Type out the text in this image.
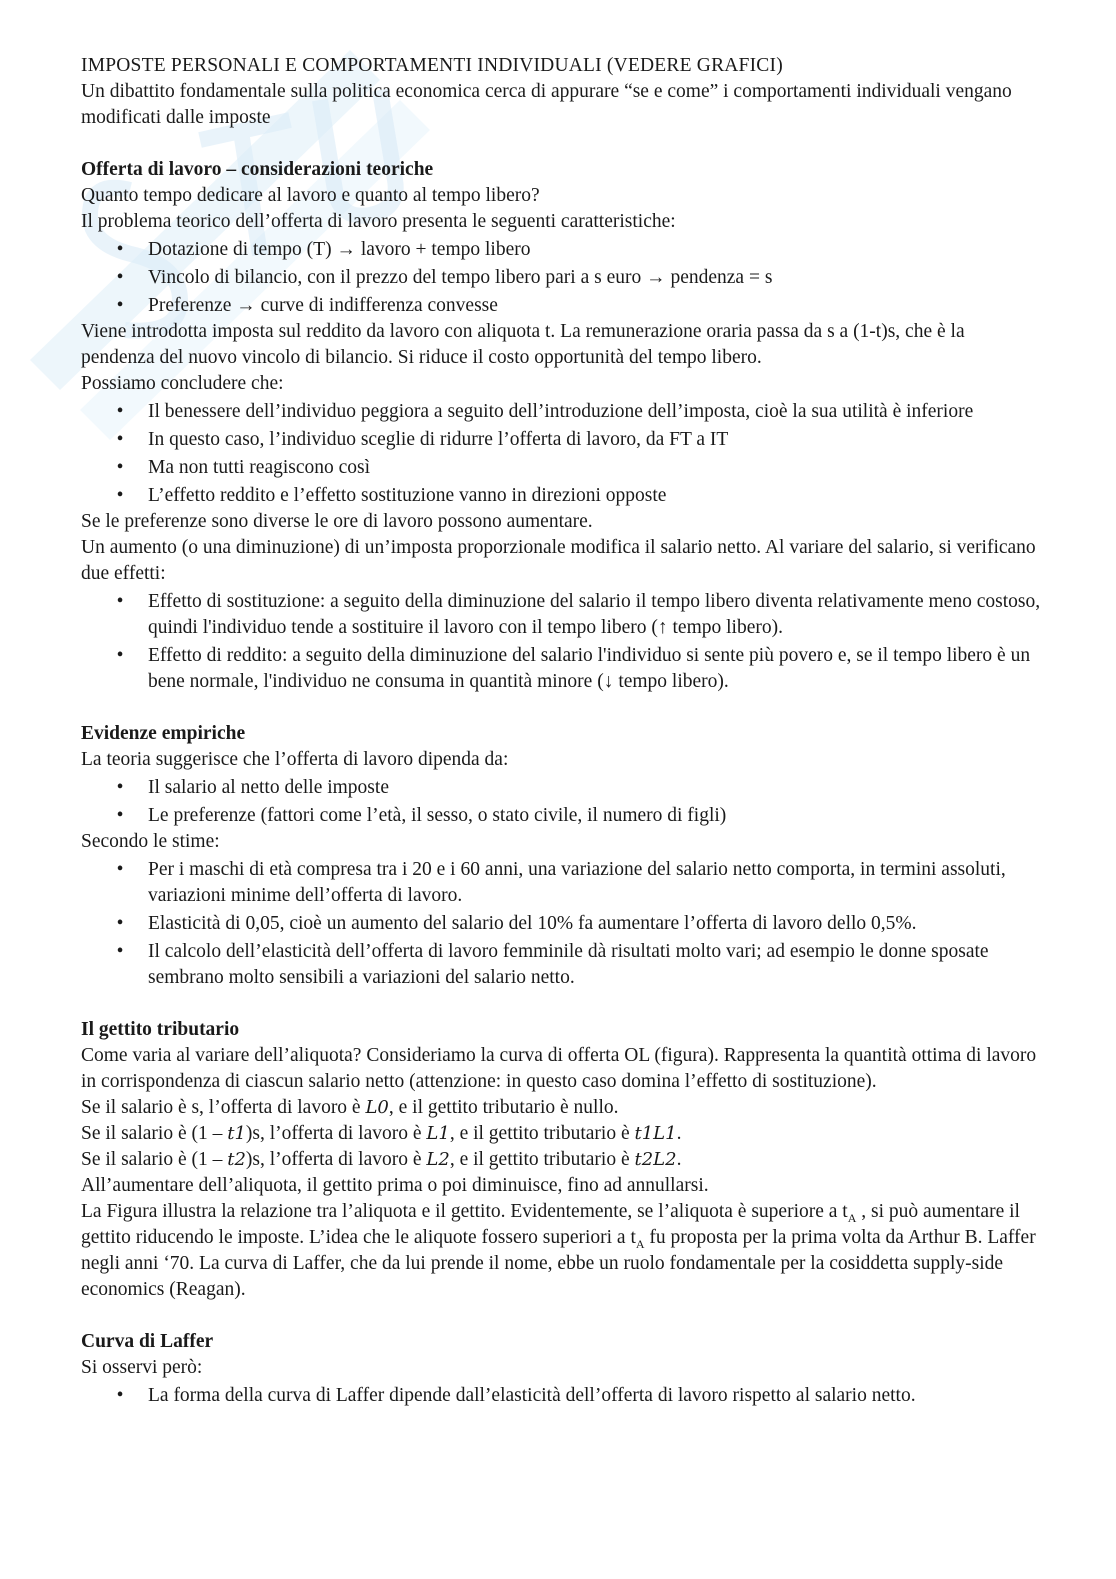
IMPOSTE PERSONALI E COMPORTAMENTI INDIVIDUALI (VEDERE GRAFICI)

Un dibattito fondamentale sulla politica economica cerca di appurare “se e come” i comportamenti individuali vengano modificati dalle imposte

Offerta di lavoro – considerazioni teoriche

Quanto tempo dedicare al lavoro e quanto al tempo libero?

Il problema teorico dell’offerta di lavoro presenta le seguenti caratteristiche:

• Dotazione di tempo (T) → lavoro + tempo libero
• Vincolo di bilancio, con il prezzo del tempo libero pari a s euro → pendenza = s
• Preferenze → curve di indifferenza convesse

Viene introdotta imposta sul reddito da lavoro con aliquota t. La remunerazione oraria passa da s a (1-t)s, che è la pendenza del nuovo vincolo di bilancio. Si riduce il costo opportunità del tempo libero.

Possiamo concludere che:

• Il benessere dell’individuo peggiora a seguito dell’introduzione dell’imposta, cioè la sua utilità è inferiore
• In questo caso, l’individuo sceglie di ridurre l’offerta di lavoro, da FT a IT
• Ma non tutti reagiscono così
• L’effetto reddito e l’effetto sostituzione vanno in direzioni opposte

Se le preferenze sono diverse le ore di lavoro possono aumentare.

Un aumento (o una diminuzione) di un’imposta proporzionale modifica il salario netto. Al variare del salario, si verificano due effetti:

• Effetto di sostituzione: a seguito della diminuzione del salario il tempo libero diventa relativamente meno costoso, quindi l'individuo tende a sostituire il lavoro con il tempo libero (↑ tempo libero).
• Effetto di reddito: a seguito della diminuzione del salario l'individuo si sente più povero e, se il tempo libero è un bene normale, l'individuo ne consuma in quantità minore (↓ tempo libero).
Evidenze empiriche

La teoria suggerisce che l’offerta di lavoro dipenda da:

• Il salario al netto delle imposte
• Le preferenze (fattori come l’età, il sesso, o stato civile, il numero di figli)

Secondo le stime:

• Per i maschi di età compresa tra i 20 e i 60 anni, una variazione del salario netto comporta, in termini assoluti, variazioni minime dell’offerta di lavoro.
• Elasticità di 0,05, cioè un aumento del salario del 10% fa aumentare l’offerta di lavoro dello 0,5%.
• Il calcolo dell’elasticità dell’offerta di lavoro femminile dà risultati molto vari; ad esempio le donne sposate sembrano molto sensibili a variazioni del salario netto.
Il gettito tributario

Come varia al variare dell’aliquota? Consideriamo la curva di offerta OL (figura). Rappresenta la quantità ottima di lavoro in corrispondenza di ciascun salario netto (attenzione: in questo caso domina l’effetto di sostituzione).

Se il salario è s, l’offerta di lavoro è L0, e il gettito tributario è nullo.

Se il salario è (1 – t1)s, l’offerta di lavoro è L1, e il gettito tributario è t1L1.

Se il salario è (1 – t2)s, l’offerta di lavoro è L2, e il gettito tributario è t2L2.

All’aumentare dell’aliquota, il gettito prima o poi diminuisce, fino ad annullarsi.

La Figura illustra la relazione tra l’aliquota e il gettito. Evidentemente, se l’aliquota è superiore a $t_A$ , si può aumentare il gettito riducendo le imposte. L’idea che le aliquote fossero superiori a $t_A$ fu proposta per la prima volta da Arthur B. Laffer negli anni ‘70. La curva di Laffer, che da lui prende il nome, ebbe un ruolo fondamentale per la cosiddetta supply-side economics (Reagan).

Curva di Laffer

Si osservi però:

• La forma della curva di Laffer dipende dall’elasticità dell’offerta di lavoro rispetto al salario netto.
